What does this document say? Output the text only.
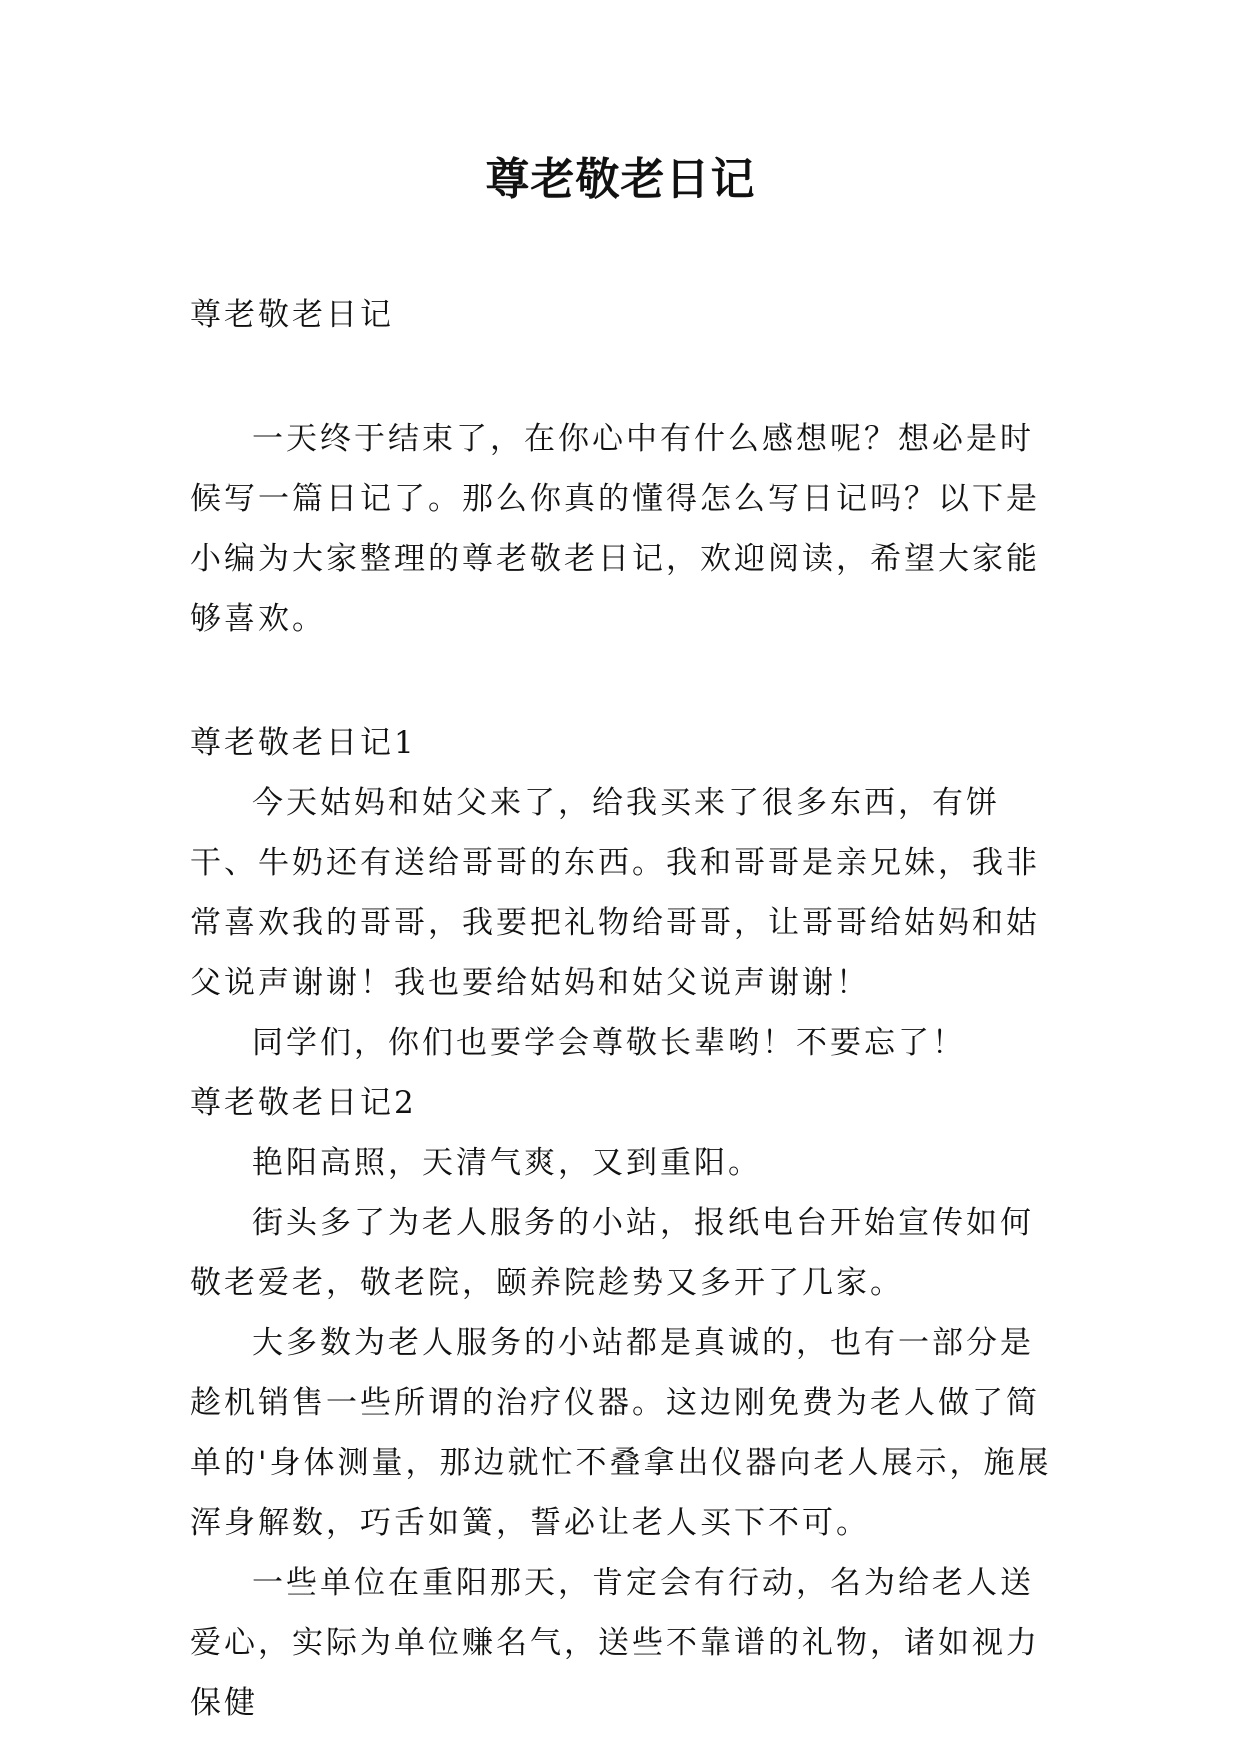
尊老敬老日记

尊老敬老日记

一天终于结束了，在你心中有什么感想呢？想必是时候写一篇日记了。那么你真的懂得怎么写日记吗？以下是小编为大家整理的尊老敬老日记，欢迎阅读，希望大家能够喜欢。

尊老敬老日记1

今天姑妈和姑父来了，给我买来了很多东西，有饼干、牛奶还有送给哥哥的东西。我和哥哥是亲兄妹，我非常喜欢我的哥哥，我要把礼物给哥哥，让哥哥给姑妈和姑父说声谢谢！我也要给姑妈和姑父说声谢谢！

同学们，你们也要学会尊敬长辈哟！不要忘了！

尊老敬老日记2

艳阳高照，天清气爽，又到重阳。

街头多了为老人服务的小站，报纸电台开始宣传如何敬老爱老，敬老院，颐养院趁势又多开了几家。

大多数为老人服务的小站都是真诚的，也有一部分是趁机销售一些所谓的治疗仪器。这边刚免费为老人做了简单的'身体测量，那边就忙不叠拿出仪器向老人展示，施展浑身解数，巧舌如簧，誓必让老人买下不可。

一些单位在重阳那天，肯定会有行动，名为给老人送爱心，实际为单位赚名气，送些不靠谱的礼物，诸如视力保健
